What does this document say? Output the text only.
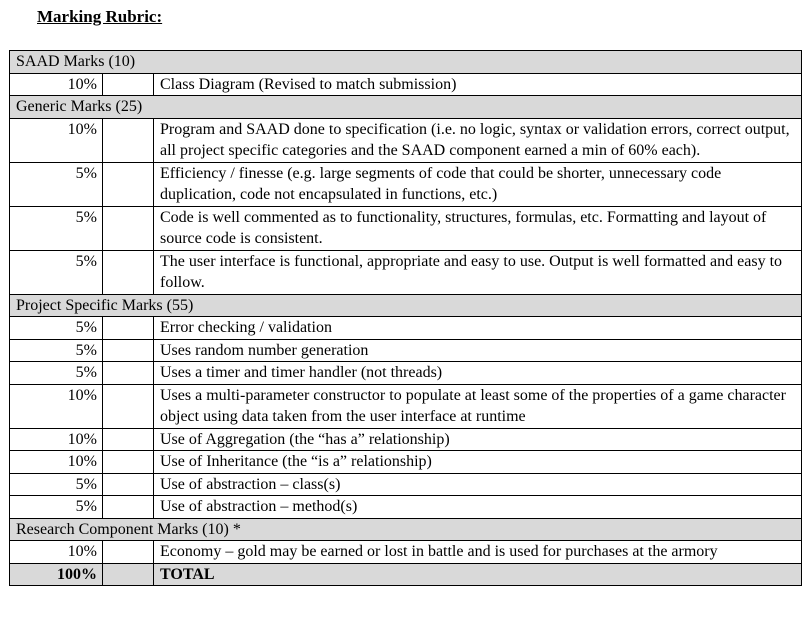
Marking Rubric:
SAAD Marks (10)		
10%		Class Diagram (Revised to match submission)
Generic Marks (25)		
10%		Program and SAAD done to specification (i.e. no logic, syntax or validation errors, correct output, all project specific categories and the SAAD component earned a min of 60% each).
5%		Efficiency / finesse (e.g. large segments of code that could be shorter, unnecessary code duplication, code not encapsulated in functions, etc.)
5%		Code is well commented as to functionality, structures, formulas, etc. Formatting and layout of source code is consistent.
5%		The user interface is functional, appropriate and easy to use. Output is well formatted and easy to follow.
Project Specific Marks (55)		
5%		Error checking / validation
5%		Uses random number generation
5%		Uses a timer and timer handler (not threads)
10%		Uses a multi-parameter constructor to populate at least some of the properties of a game character object using data taken from the user interface at runtime
10%		Use of Aggregation (the “has a” relationship)
10%		Use of Inheritance (the “is a” relationship)
5%		Use of abstraction – class(s)
5%		Use of abstraction – method(s)
Research Component Marks (10) *		
10%		Economy – gold may be earned or lost in battle and is used for purchases at the armory
100%		TOTAL
